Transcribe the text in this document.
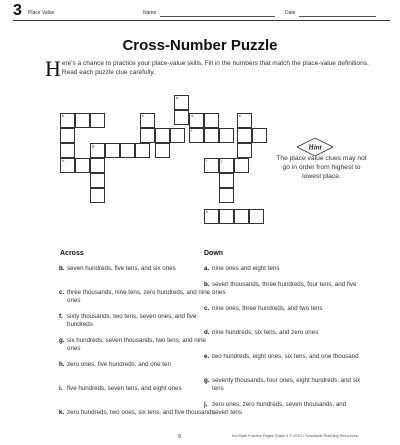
3 Place Value	Name	Date
Cross-Number Puzzle
Here's a chance to practice your place-value skills. Fill in the numbers that match the place-value definitions. Read each puzzle clue carefully.
a.
b.	c.	d.	e.
f.
g.
h.	i.	j.
k.
Hint
The place value clues may not go in order from highest to lowest place.
Across
b. seven hundreds, five tens, and six ones
c. three thousands, nine tens, zero hundreds, and nine ones
f. sixty thousands, two tens, seven ones, and five hundreds
g. six hundreds, seven thousands, two tens, and nine ones
h. zero ones, five hundreds, and one ten
i. five hundreds, seven tens, and eight ones
k. zero hundreds, two ones, six tens, and five thousands
Down
a. nine ones and eight tens
b. seven thousands, three hundreds, four tens, and five ones
c. nine ones, three hundreds, and two tens
d. nine hundreds, six tens, and zero ones
e. two hundreds, eight ones, six tens, and one thousand
g. seventy thousands, four ones, eight hundreds, and six tens
j. zero ones, zero hundreds, seven thousands, and seven tens
9	Kid Math Practice Pages Grade 4 © 2010 • Scholastic Teaching Resources
